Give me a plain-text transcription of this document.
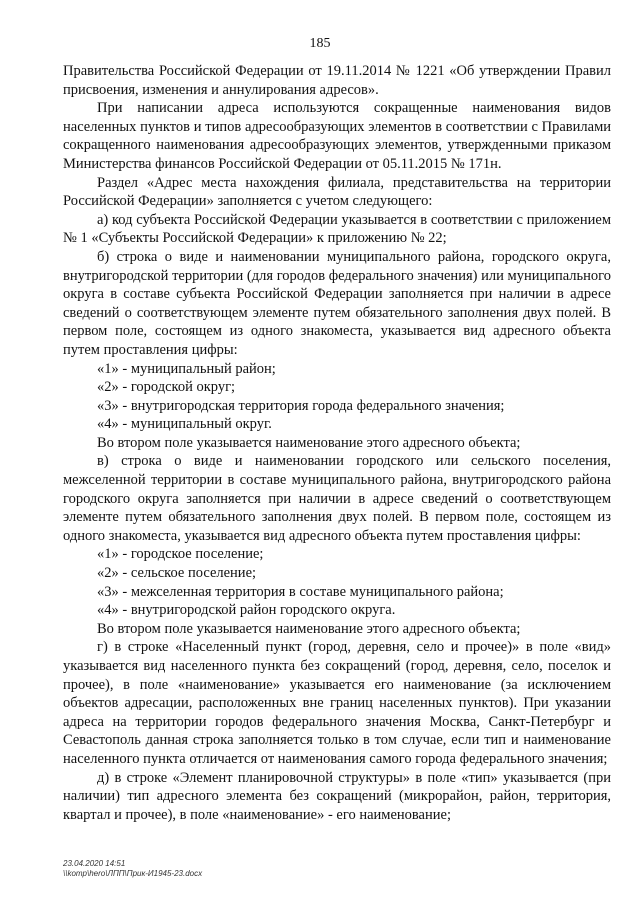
185

Правительства Российской Федерации от 19.11.2014 № 1221 «Об утверждении Правил присвоения, изменения и аннулирования адресов».

При написании адреса используются сокращенные наименования видов населенных пунктов и типов адресообразующих элементов в соответствии с Правилами сокращенного наименования адресообразующих элементов, утвержденными приказом Министерства финансов Российской Федерации от 05.11.2015 № 171н.

Раздел «Адрес места нахождения филиала, представительства на территории Российской Федерации» заполняется с учетом следующего:

а) код субъекта Российской Федерации указывается в соответствии с приложением № 1 «Субъекты Российской Федерации» к приложению № 22;

б) строка о виде и наименовании муниципального района, городского округа, внутригородской территории (для городов федерального значения) или муниципального округа в составе субъекта Российской Федерации заполняется при наличии в адресе сведений о соответствующем элементе путем обязательного заполнения двух полей. В первом поле, состоящем из одного знакоместа, указывается вид адресного объекта путем проставления цифры:

«1» - муниципальный район;

«2» - городской округ;

«3» - внутригородская территория города федерального значения;

«4» - муниципальный округ.

Во втором поле указывается наименование этого адресного объекта;

в) строка о виде и наименовании городского или сельского поселения, межселенной территории в составе муниципального района, внутригородского района городского округа заполняется при наличии в адресе сведений о соответствующем элементе путем обязательного заполнения двух полей. В первом поле, состоящем из одного знакоместа, указывается вид адресного объекта путем проставления цифры:

«1» - городское поселение;

«2» - сельское поселение;

«3» - межселенная территория в составе муниципального района;

«4» - внутригородской район городского округа.

Во втором поле указывается наименование этого адресного объекта;

г) в строке «Населенный пункт (город, деревня, село и прочее)» в поле «вид» указывается вид населенного пункта без сокращений (город, деревня, село, поселок и прочее), в поле «наименование» указывается его наименование (за исключением объектов адресации, расположенных вне границ населенных пунктов). При указании адреса на территории городов федерального значения Москва, Санкт-Петербург и Севастополь данная строка заполняется только в том случае, если тип и наименование населенного пункта отличается от наименования самого города федерального значения;

д) в строке «Элемент планировочной структуры» в поле «тип» указывается (при наличии) тип адресного элемента без сокращений (микрорайон, район, территория, квартал и прочее), в поле «наименование» - его наименование;

23.04.2020 14:51
\\komp\hero\ЛПП\Прик-И1945-23.docx
